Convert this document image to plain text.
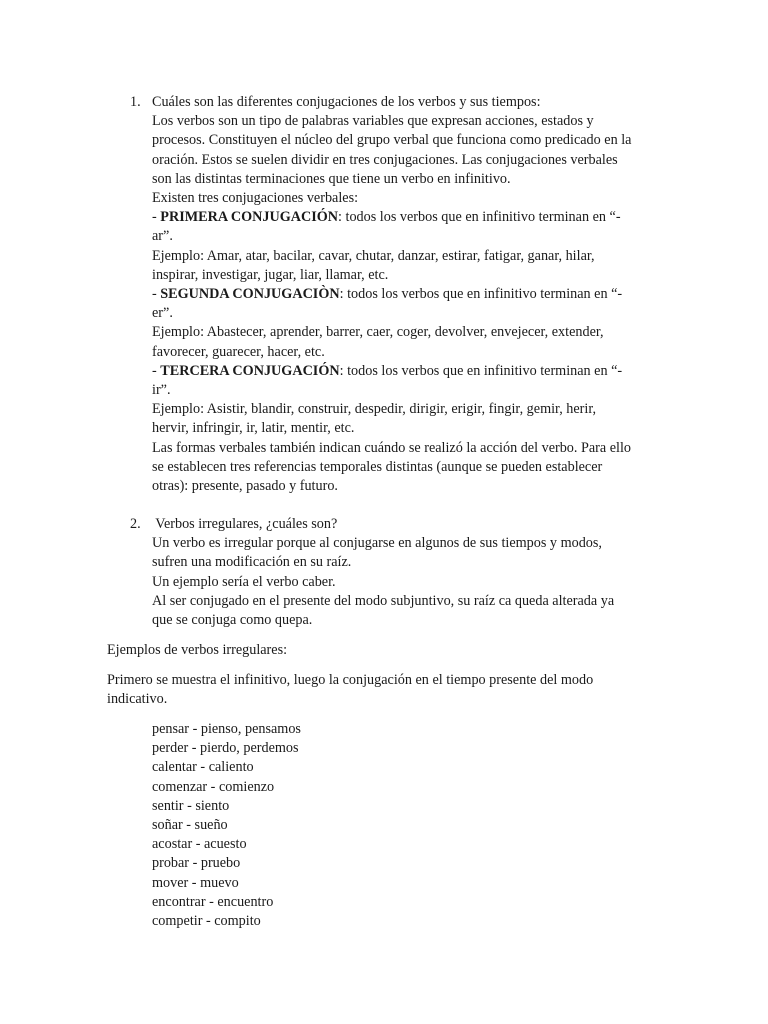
1. Cuáles son las diferentes conjugaciones de los verbos y sus tiempos:
Los verbos son un tipo de palabras variables que expresan acciones, estados y
procesos. Constituyen el núcleo del grupo verbal que funciona como predicado en la
oración. Estos se suelen dividir en tres conjugaciones. Las conjugaciones verbales
son las distintas terminaciones que tiene un verbo en infinitivo.
Existen tres conjugaciones verbales:
- PRIMERA CONJUGACIÓN: todos los verbos que en infinitivo terminan en “-
ar”.
Ejemplo: Amar, atar, bacilar, cavar, chutar, danzar, estirar, fatigar, ganar, hilar,
inspirar, investigar, jugar, liar, llamar, etc.
- SEGUNDA CONJUGACIÒN: todos los verbos que en infinitivo terminan en “-
er”.
Ejemplo: Abastecer, aprender, barrer, caer, coger, devolver, envejecer, extender,
favorecer, guarecer, hacer, etc.
- TERCERA CONJUGACIÓN: todos los verbos que en infinitivo terminan en “-
ir”.
Ejemplo: Asistir, blandir, construir, despedir, dirigir, erigir, fingir, gemir, herir,
hervir, infringir, ir, latir, mentir, etc.
Las formas verbales también indican cuándo se realizó la acción del verbo. Para ello
se establecen tres referencias temporales distintas (aunque se pueden establecer
otras): presente, pasado y futuro.
2. Verbos irregulares, ¿cuáles son?
Un verbo es irregular porque al conjugarse en algunos de sus tiempos y modos,
sufren una modificación en su raíz.
Un ejemplo sería el verbo caber.
Al ser conjugado en el presente del modo subjuntivo, su raíz ca queda alterada ya
que se conjuga como quepa.
Ejemplos de verbos irregulares:
Primero se muestra el infinitivo, luego la conjugación en el tiempo presente del modo
indicativo.
pensar - pienso, pensamos
perder - pierdo, perdemos
calentar - caliento
comenzar - comienzo
sentir - siento
soñar - sueño
acostar - acuesto
probar - pruebo
mover - muevo
encontrar - encuentro
competir - compito
